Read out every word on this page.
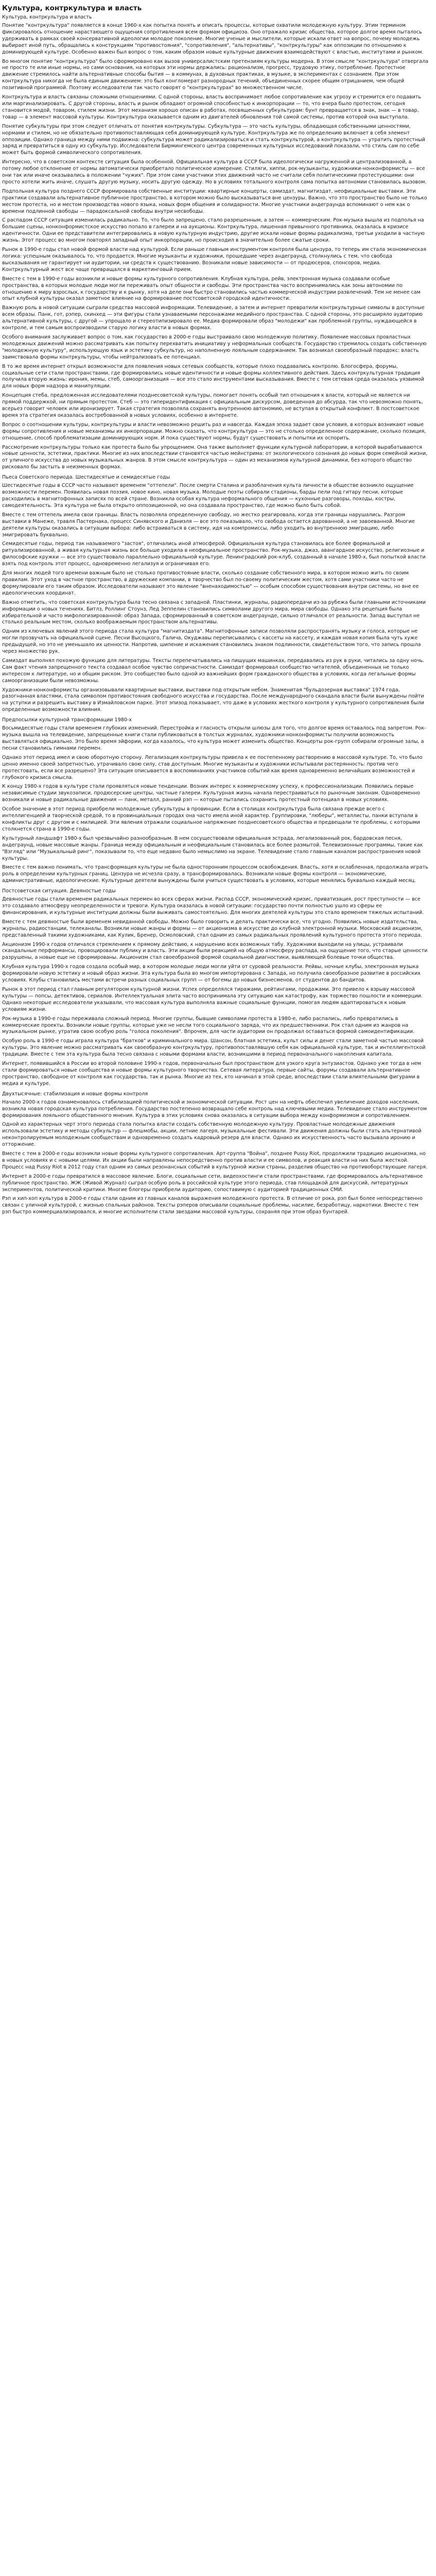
Культура, контркультура и власть
Культура, контркультура и власть

Понятие "контркультура" появляется в конце 1960-х как попытка понять и описать процессы, которые охватили молодежную культуру. Этим термином фиксировалось отношение нарастающего ощущения сопротивления всем формам официоза. Оно отражало кризис общества, которое долгое время пыталось удерживать в рамках своей консервативной идеологии молодое поколение. Многие ученые и мыслители, которые искали ответ на вопрос, почему молодежь выбирает иной путь, обращались к конструкциям "противостояния", "сопротивления", "альтернативы", "контркультуры" как оппозиции по отношению к доминирующей культуре. Особенно важен был вопрос о том, каким образом новые культурные движения взаимодействуют с властью, институтами и рынком.

Во многом понятие "контркультура" было сформировано как вызов универсалистским претензиям культуры модерна. В этом смысле "контркультура" отвергала не просто те или иные нормы, но сами основания, на которых эти нормы держались: рационализм, прогресс, трудовую этику, потребление. Протестное движение стремилось найти альтернативные способы бытия — в коммунах, в духовных практиках, в музыке, в экспериментах с сознанием. При этом контркультура никогда не была единым движением: это был конгломерат разнородных течений, объединенных скорее общим отрицанием, чем общей позитивной программой. Поэтому исследователи так часто говорят о "контркультурах" во множественном числе.

Контркультура и власть связаны сложными отношениями. С одной стороны, власть воспринимает любое сопротивление как угрозу и стремится его подавить или маргинализировать. С другой стороны, власть и рынок обладают огромной способностью к инкорпорации — то, что вчера было протестом, сегодня становится модой, товаром, стилем жизни. Этот механизм хорошо описан в работах, посвященных субкультурам: бунт превращается в знак, знак — в товар, товар — в элемент массовой культуры. Контркультура оказывается одним из двигателей обновления той самой системы, против которой она выступала.

Понятие субкультуры при этом следует отличать от понятия контркультуры. Субкультура — это часть культуры, обладающая собственными ценностями, нормами и стилем, но не обязательно противопоставляющая себя доминирующей культуре. Контркультура же по определению включает в себя элемент оппозиции. Однако граница между ними подвижна: субкультура может радикализироваться и стать контркультурой, а контркультура — утратить протестный заряд и превратиться в одну из субкультур. Исследователи Бирмингемского центра современных культурных исследований показали, что стиль сам по себе может быть формой символического сопротивления.

Интересно, что в советском контексте ситуация была особенной. Официальная культура в СССР была идеологически нагруженной и централизованной, а потому любое отклонение от нормы автоматически приобретало политическое измерение. Стиляги, хиппи, рок-музыканты, художники-нонконформисты — все они так или иначе оказывались в положении "чужих". При этом сами участники этих движений часто не считали себя политическими протестующими: они просто хотели жить иначе, слушать другую музыку, носить другую одежду. Но в условиях тотального контроля сама попытка автономии становилась вызовом.

Подпольная культура позднего СССР формировала собственные институции: квартирные концерты, самиздат, магнитиздат, неофициальные выставки. Эти практики создавали альтернативное публичное пространство, в котором можно было высказываться вне цензуры. Важно, что это пространство было не только местом протеста, но и местом производства нового языка, новых форм общения и солидарности. Многие участники андеграунда вспоминают о нем как о времени подлинной свободы — парадоксальной свободы внутри несвободы.

С распадом СССР ситуация изменилась радикально. То, что было запрещено, стало разрешенным, а затем — коммерческим. Рок-музыка вышла из подполья на большие сцены, нонконформистское искусство попало в галереи и на аукционы. Контркультура, лишенная привычного противника, оказалась в кризисе идентичности. Одни ее представители интегрировались в новую культурную индустрию, другие искали новые формы радикализма, третьи уходили в частную жизнь. Этот процесс во многом повторял западный опыт инкорпорации, но происходил в значительно более сжатые сроки.

Рынок в 1990-е годы стал новой формой власти над культурой. Если раньше главным инструментом контроля была цензура, то теперь им стала экономическая логика: успешным оказывалось то, что продается. Многие музыканты и художники, прошедшие через андеграунд, столкнулись с тем, что свобода высказывания не гарантирует ни аудитории, ни средств к существованию. Возникали новые зависимости — от продюсеров, спонсоров, медиа. Контркультурный жест все чаще превращался в маркетинговый прием.

Вместе с тем в 1990-е годы возникли и новые формы культурного сопротивления. Клубная культура, рейв, электронная музыка создавали особые пространства, в которых молодые люди могли переживать опыт общности и свободы. Эти пространства часто воспринимались как зоны автономии по отношению к миру взрослых, к государству и к рынку, хотя на деле они быстро становились частью коммерческой индустрии развлечений. Тем не менее сам опыт клубной культуры оказал заметное влияние на формирование постсоветской городской идентичности.

Важную роль в новой ситуации сыграли средства массовой информации. Телевидение, а затем и интернет превратили контркультурные символы в доступные всем образы. Панк, гот, рэпер, скинхед — эти фигуры стали узнаваемыми персонажами медийного пространства. С одной стороны, это расширяло аудиторию альтернативной культуры, с другой — упрощало и стереотипизировало ее. Медиа формировали образ "молодежи" как проблемной группы, нуждающейся в контроле, и тем самым воспроизводили старую логику власти в новых формах.

Особого внимания заслуживает вопрос о том, как государство в 2000-е годы выстраивало свою молодежную политику. Появление массовых провластных молодежных движений можно рассматривать как попытку перехватить инициативу у неформальных сообществ. Государство стремилось создать собственную "молодежную культуру", использующую язык и эстетику субкультур, но наполненную лояльным содержанием. Так возникал своеобразный парадокс: власть заимствовала формы контркультуры, чтобы нейтрализовать ее потенциал.

В то же время интернет открыл возможности для появления новых сетевых сообществ, которые плохо поддавались контролю. Блогосфера, форумы, социальные сети стали пространствами, где формировались новые идентичности и новые формы коллективного действия. Здесь контркультурная традиция получила вторую жизнь: ирония, мемы, стеб, самоорганизация — все это стало инструментами высказывания. Вместе с тем сетевая среда оказалась уязвимой для новых форм надзора и манипуляции.

Концепция стеба, предложенная исследователями позднесоветской культуры, помогает понять особый тип отношения к власти, который не является ни прямой поддержкой, ни прямым протестом. Стеб — это гиперидентификация с официальным дискурсом, доведенная до абсурда, так что невозможно понять, всерьез говорит человек или иронизирует. Такая стратегия позволяла сохранять внутреннюю автономию, не вступая в открытый конфликт. В постсоветское время эта стратегия оказалась востребованной в новых условиях, особенно в интернете.

Вопрос о соотношении культуры, контркультуры и власти невозможно решить раз и навсегда. Каждая эпоха задает свои условия, в которых возникают новые формы сопротивления и новые механизмы их инкорпорации. Можно сказать, что контркультура — это не столько определенное содержание, сколько позиция, отношение, способ проблематизации доминирующих норм. И пока существуют нормы, будут существовать и попытки их оспорить.

Рассмотрение контркультуры только как протеста было бы упрощением. Она также выполняет функции культурной лаборатории, в которой вырабатываются новые ценности, эстетики, практики. Многие из них впоследствии становятся частью мейнстрима: от экологического сознания до новых форм семейной жизни, от уличного искусства до новых музыкальных жанров. В этом смысле контркультура — один из механизмов культурной динамики, без которого общество рисковало бы застыть в неизменных формах.

Пьеса Советского периода. Шестидесятые и семидесятые годы

Шестидесятые годы в СССР часто называют временем "оттепели". После смерти Сталина и разоблачения культа личности в обществе возникло ощущение возможности перемен. Появилась новая поэзия, новое кино, новая музыка. Молодые поэты собирали стадионы, барды пели под гитару песни, которые расходились в магнитофонных записях по всей стране. Возникла особая культура неформального общения — кухонные разговоры, походы, костры, самодеятельность. Эта культура не была открыто оппозиционной, но она создавала пространство, где можно было быть собой.

Вместе с тем оттепель имела свои границы. Власть позволяла определенную свободу, но жестко реагировала, когда эти границы нарушались. Разгром выставки в Манеже, травля Пастернака, процесс Синявского и Даниэля — все это показывало, что свобода остается дарованной, а не завоеванной. Многие деятели культуры оказались в ситуации выбора: либо встраиваться в систему, идя на компромиссы, либо уходить во внутреннюю эмиграцию, либо эмигрировать буквально.

Семидесятые годы, период так называемого "застоя", отличались иной атмосферой. Официальная культура становилась все более формальной и ритуализированной, а живая культурная жизнь все больше уходила в неофициальное пространство. Рок-музыка, джаз, авангардное искусство, религиозные и философские кружки — все это существовало параллельно официальной культуре. Ленинградский рок-клуб, созданный в начале 1980-х, был попыткой власти взять под контроль этот процесс, одновременно легализуя и ограничивая его.

Для многих людей того времени важным было не столько противостояние власти, сколько создание собственного мира, в котором можно жить по своим правилам. Этот уход в частное пространство, в дружеские компании, в творчество был по-своему политическим жестом, хотя сами участники часто не формулировали его таким образом. Исследователи называют это явление "вненаходимостью" — особым способом существования внутри системы, но вне ее идеологических координат.

Важно отметить, что советская контркультура была тесно связана с западной. Пластинки, журналы, радиопередачи из-за рубежа были главными источниками информации о новых течениях. Битлз, Роллинг Стоунз, Лед Зеппелин становились символами другого мира, мира свободы. Однако эта рецепция была избирательной и часто мифологизированной: образ Запада, сформированный в советском андеграунде, сильно отличался от реальности. Запад выступал не столько реальным местом, сколько воображаемым пространством альтернативы.

Одним из ключевых явлений этого периода стала культура "магнитиздата". Магнитофонные записи позволяли распространять музыку и голоса, которые не могли прозвучать на официальной сцене. Песни Высоцкого, Галича, Окуджавы переписывались с кассеты на кассету, и каждая новая копия была чуть хуже предыдущей, но это не уменьшало их ценности. Напротив, шипение и искажения становились знаком подлинности, свидетельством того, что запись прошла через множество рук.

Самиздат выполнял похожую функцию для литературы. Тексты перепечатывались на пишущих машинках, передавались из рук в руки, читались за одну ночь. Сам факт чтения запрещенного текста создавал особое чувство сопричастности. Самиздат формировал сообщество читателей, объединенных не только интересом к литературе, но и общим риском. Это сообщество было одной из важнейших форм гражданского общества в условиях, когда легальные формы самоорганизации были невозможны.

Художники-нонконформисты организовывали квартирные выставки, выставки под открытым небом. Знаменитая "бульдозерная выставка" 1974 года, разогнанная властями, стала символом противостояния свободного искусства и государства. После международного скандала власти были вынуждены пойти на уступки и разрешить выставку в Измайловском парке. Этот эпизод показывает, что даже в условиях жесткого контроля у культурного сопротивления были определенные возможности влияния.

Предпосылки культурной трансформации 1980-х

Восьмидесятые годы стали временем глубоких изменений. Перестройка и гласность открыли шлюзы для того, что долгое время оставалось под запретом. Рок-музыка вышла на телевидение, запрещенные книги стали публиковаться в толстых журналах, художники-нонконформисты получили возможность выставляться официально. Это было время эйфории, когда казалось, что культура может изменить общество. Концерты рок-групп собирали огромные залы, а песни становились гимнами перемен.

Однако этот период имел и свою оборотную сторону. Легализация контркультуры привела к ее постепенному растворению в массовой культуре. То, что было ценно именно своей запретностью, утрачивало свою силу, став доступным. Многие музыканты и художники испытывали растерянность: против чего протестовать, если все разрешено? Эта ситуация описывается в воспоминаниях участников событий как время одновременно величайших возможностей и глубокого кризиса смысла.

К концу 1980-х годов в культуре стали проявляться новые тенденции. Возник интерес к коммерческому успеху, к профессионализации. Появились первые независимые студии звукозаписи, продюсерские центры, частные галереи. Культурная жизнь начала перестраиваться по рыночным законам. Одновременно возникали и новые радикальные движения — панк, металл, ранний рэп — которые пытались сохранить протестный потенциал в новых условиях.

Особое значение в этот период приобрели молодежные субкультуры в провинции. Если в столицах контркультура была связана прежде всего с интеллигенцией и творческой средой, то в провинциальных городах она часто имела иной характер. Группировки, "люберы", металлисты, панки вступали в конфликты друг с другом и с милицией. Эти явления отражали социальное напряжение позднесоветского общества и предвещали те проблемы, с которыми столкнется страна в 1990-е годы.

Культурный ландшафт 1980-х был чрезвычайно разнообразным. В нем сосуществовали официальная эстрада, легализованный рок, бардовская песня, андеграунд, новые массовые жанры. Граница между официальным и неофициальным становилась все более размытой. Телевизионные программы, такие как "Взгляд" или "Музыкальный ринг", показывали то, что еще недавно было немыслимо на экране. Телевидение стало главным каналом распространения новой культуры.

Вместе с тем важно понимать, что трансформация культуры не была односторонним процессом освобождения. Власть, хотя и ослабленная, продолжала играть роль в определении культурных границ. Цензура не исчезла сразу, а трансформировалась. Возникали новые формы контроля — экономические, административные, идеологические. Культурные деятели вынуждены были учиться существовать в условиях, которые менялись буквально каждый месяц.

Постсоветская ситуация. Девяностые годы

Девяностые годы стали временем радикальных перемен во всех сферах жизни. Распад СССР, экономический кризис, приватизация, рост преступности — все это создавало атмосферу неопределенности и тревоги. Культура оказалась в новой ситуации: государство почти полностью ушло из сферы ее финансирования, и культурные институции должны были выживать самостоятельно. Для многих деятелей культуры это стало временем тяжелых испытаний.

Вместе с тем девяностые были временем невиданной свободы. Можно было говорить и делать практически все, что угодно. Появились новые издательства, журналы, радиостанции, телеканалы. Возникли новые жанры и формы — от акционизма в искусстве до клубной электронной музыки. Московский акционизм, представленный такими художниками, как Кулик, Бренер, Осмоловский, стал одним из самых радикальных проявлений культурного протеста этого периода.

Акционизм 1990-х годов отличался стремлением к прямому действию, к нарушению всех возможных табу. Художники выходили на улицы, устраивали скандальные перформансы, провоцировали публику и власть. Эти акции были реакцией на общую атмосферу распада, на ощущение того, что старые ценности разрушены, а новые еще не сформированы. Акционизм стал своеобразной формой социальной диагностики, выявляющей болевые точки общества.

Клубная культура 1990-х годов создала особый мир, в котором молодые люди могли уйти от суровой реальности. Рейвы, ночные клубы, электронная музыка формировали новую эстетику и новый образ жизни. Эта культура была во многом импортирована с Запада, но получила своеобразное развитие в российских условиях. Клубы становились местами встречи разных социальных групп — от богемы до новых бизнесменов, от студентов до бандитов.

Рынок в этот период стал главным регулятором культурной жизни. Успех определялся тиражами, рейтингами, продажами. Это привело к взрыву массовой культуры — попсы, детективов, сериалов. Интеллектуальная элита часто воспринимала эту ситуацию как катастрофу, как торжество пошлости и коммерции. Однако некоторые исследователи указывали, что массовая культура выполняла важные социальные функции, помогая людям адаптироваться к новым условиям жизни.

Рок-музыка в 1990-е годы переживала сложный период. Многие группы, бывшие символами протеста в 1980-е, либо распались, либо превратились в коммерческие проекты. Возникли новые группы, которые уже не несли того социального заряда, что их предшественники. Рок стал одним из жанров на музыкальном рынке, утратив свою особую роль "голоса поколения". Впрочем, для части аудитории он продолжал оставаться формой самоидентификации.

Особую роль в 1990-е годы играла культура "братков" и криминального мира. Шансон, блатная эстетика, культ силы и денег стали заметной частью массовой культуры. Это явление можно рассматривать как своеобразную контркультуру, противопоставлявшую себя как официальной культуре, так и интеллигентской традиции. Вместе с тем эта культура была тесно связана с новыми формами власти, возникшими в период первоначального накопления капитала.

Интернет, появившийся в России во второй половине 1990-х годов, первоначально был пространством для узкого круга энтузиастов. Однако уже тогда в нем стали формироваться новые сообщества и новые формы культурного творчества. Сетевая литература, первые сайты, форумы создавали альтернативное пространство, свободное от контроля как государства, так и рынка. Многие из тех, кто начинал в этой среде, впоследствии стали влиятельными фигурами в медиа и культуре.

Двухтысячные: стабилизация и новые формы контроля

Начало 2000-х годов ознаменовалось стабилизацией политической и экономической ситуации. Рост цен на нефть обеспечил увеличение доходов населения, возникла новая городская культура потребления. Государство постепенно возвращало себе контроль над ключевыми медиа. Телевидение стало инструментом формирования лояльного общественного мнения. Культура в этих условиях снова оказалась в ситуации выбора между конформизмом и сопротивлением.

Одной из характерных черт этого периода стала попытка власти создать собственную молодежную культуру. Провластные молодежные движения использовали эстетику и методы субкультур — флешмобы, акции, летние лагеря, музыкальные фестивали. Эти движения должны были стать альтернативой неконтролируемым молодежным сообществам и одновременно создать кадровый резерв для власти. Однако их искусственность часто вызывала иронию и отторжение.

Вместе с тем в 2000-е годы возникли новые формы культурного сопротивления. Арт-группа "Война", позднее Pussy Riot, продолжили традицию акционизма, но в новых условиях и с новыми целями. Их акции были направлены непосредственно против власти и ее символов, и реакция власти на них была жесткой. Процесс над Pussy Riot в 2012 году стал одним из самых резонансных событий в культурной жизни страны, разделив общество на противоборствующие лагеря.

Интернет в 2000-е годы превратился в массовое явление. Блоги, социальные сети, видеохостинги стали пространствами, где формировалось альтернативное публичное пространство. ЖЖ (Живой Журнал) сыграл особую роль в российской культуре этого периода, став площадкой для дискуссий, литературных экспериментов, политической критики. Многие блогеры приобрели аудиторию, сопоставимую с аудиторией традиционных СМИ.

Рэп и хип-хоп культура в 2000-е годы стали одним из главных каналов выражения молодежного протеста. В отличие от рока, рэп был более непосредственно связан с уличной культурой, с жизнью спальных районов. Тексты рэперов описывали социальные проблемы, насилие, безработицу, наркотики. Вместе с тем рэп быстро коммерциализировался, и многие исполнители стали звездами массовой культуры, сохраняя при этом образ бунтарей.
